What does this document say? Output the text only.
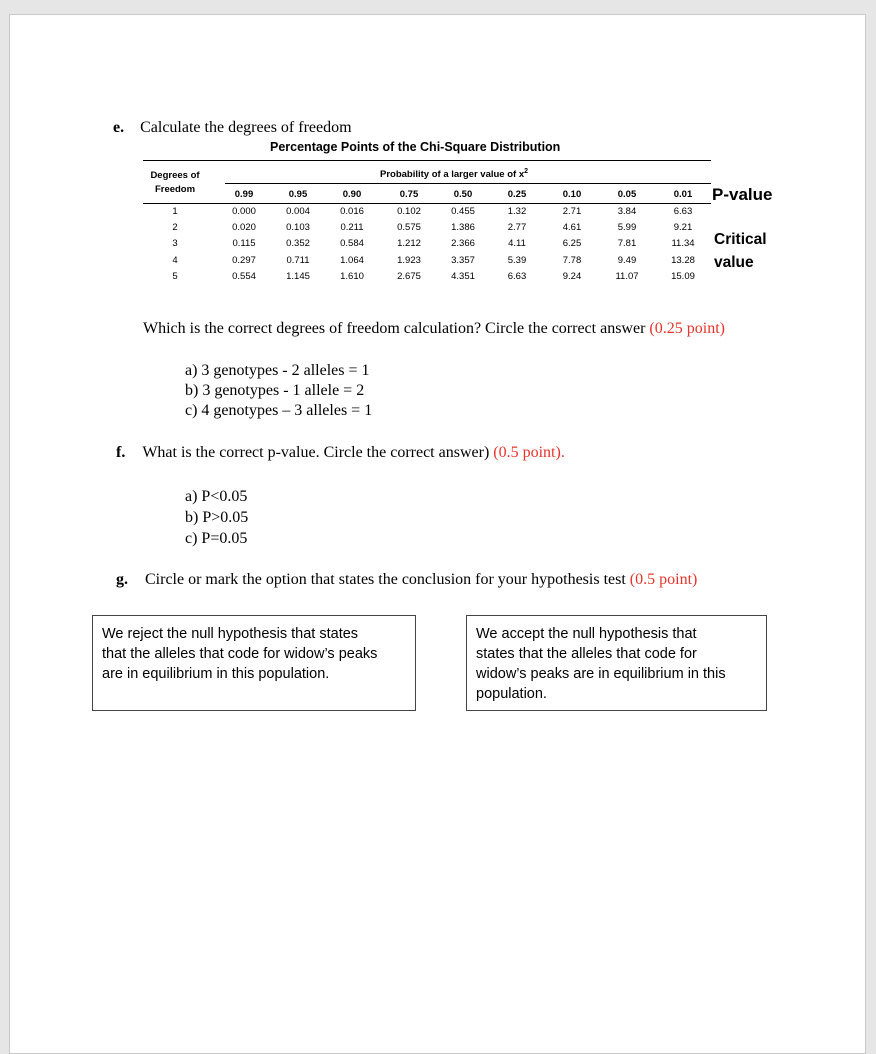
e. Calculate the degrees of freedom
Percentage Points of the Chi-Square Distribution
Degrees of
Freedom
Probability of a larger value of $x^2$
0.99	0.95	0.90	0.75	0.50	0.25	0.10	0.05	0.01
1	0.000	0.004	0.016	0.102	0.455	1.32	2.71	3.84	6.63
2	0.020	0.103	0.211	0.575	1.386	2.77	4.61	5.99	9.21
3	0.115	0.352	0.584	1.212	2.366	4.11	6.25	7.81	11.34
4	0.297	0.711	1.064	1.923	3.357	5.39	7.78	9.49	13.28
5	0.554	1.145	1.610	2.675	4.351	6.63	9.24	11.07	15.09
P-value
Critical
value
Which is the correct degrees of freedom calculation? Circle the correct answer (0.25 point)
a) 3 genotypes - 2 alleles = 1
b) 3 genotypes - 1 allele = 2
c) 4 genotypes – 3 alleles = 1
f. What is the correct p-value. Circle the correct answer) (0.5 point).
a) P<0.05
b) P>0.05
c) P=0.05
g. Circle or mark the option that states the conclusion for your hypothesis test (0.5 point)
We reject the null hypothesis that states
that the alleles that code for widow’s peaks
are in equilibrium in this population.
We accept the null hypothesis that
states that the alleles that code for
widow’s peaks are in equilibrium in this
population.
